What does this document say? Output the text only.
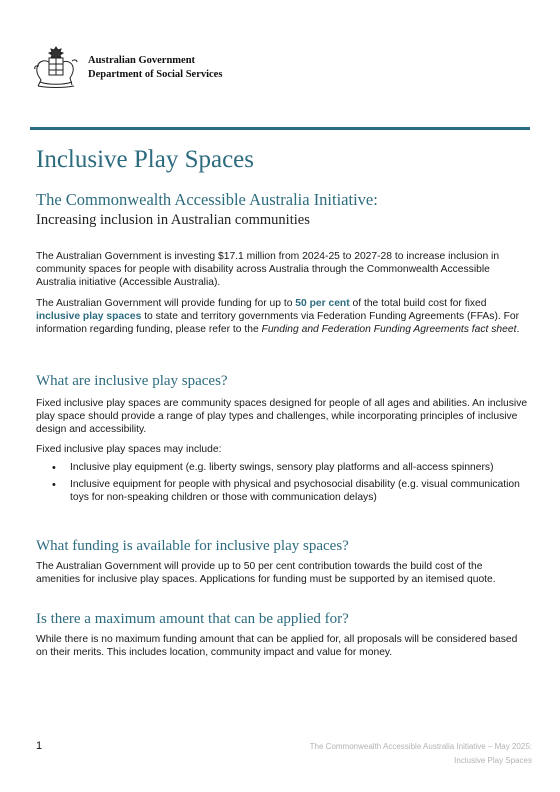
Australian Government
Department of Social Services
Inclusive Play Spaces
The Commonwealth Accessible Australia Initiative:
Increasing inclusion in Australian communities

The Australian Government is investing $17.1 million from 2024-25 to 2027-28 to increase inclusion in community spaces for people with disability across Australia through the Commonwealth Accessible Australia initiative (Accessible Australia).

The Australian Government will provide funding for up to 50 per cent of the total build cost for fixed inclusive play spaces to state and territory governments via Federation Funding Agreements (FFAs). For information regarding funding, please refer to the Funding and Federation Funding Agreements fact sheet.

What are inclusive play spaces?

Fixed inclusive play spaces are community spaces designed for people of all ages and abilities. An inclusive play space should provide a range of play types and challenges, while incorporating principles of inclusive design and accessibility.

Fixed inclusive play spaces may include:

• Inclusive play equipment (e.g. liberty swings, sensory play platforms and all-access spinners)
• Inclusive equipment for people with physical and psychosocial disability (e.g. visual communication toys for non-speaking children or those with communication delays)
What funding is available for inclusive play spaces?

The Australian Government will provide up to 50 per cent contribution towards the build cost of the amenities for inclusive play spaces. Applications for funding must be supported by an itemised quote.

Is there a maximum amount that can be applied for?

While there is no maximum funding amount that can be applied for, all proposals will be considered based on their merits. This includes location, community impact and value for money.

1	The Commonwealth Accessible Australia Initiative – May 2025:
Inclusive Play Spaces
